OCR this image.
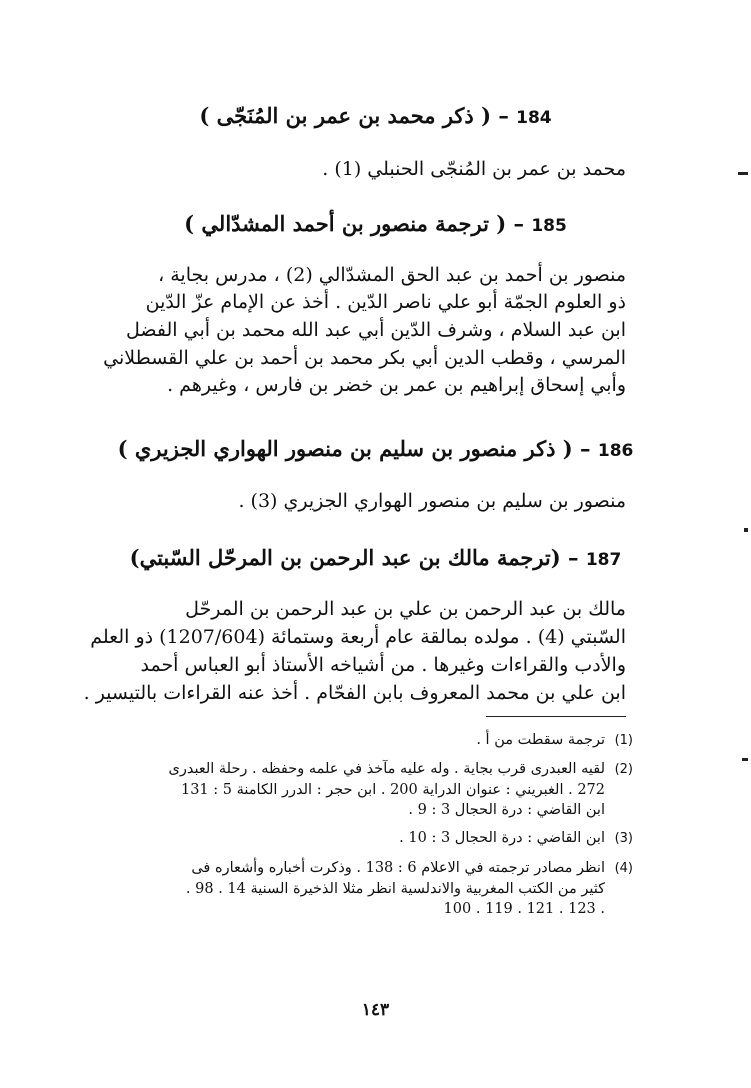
184 – ( ذكر محمد بن عمر بن المُنَجّى )
محمد بن عمر بن المُنجّى الحنبلي (1) .
185 – ( ترجمة منصور بن أحمد المشدّالي )
منصور بن أحمد بن عبد الحق المشدّالي (2) ، مدرس بجاية ،
ذو العلوم الجمّة أبو علي ناصر الدّين . أخذ عن الإمام عزّ الدّين
ابن عبد السلام ، وشرف الدّين أبي عبد الله محمد بن أبي الفضل
المرسي ، وقطب الدين أبي بكر محمد بن أحمد بن علي القسطلاني
وأبي إسحاق إبراهيم بن عمر بن خضر بن فارس ، وغيرهم .
186 – ( ذكر منصور بن سليم بن منصور الهواري الجزيري )
منصور بن سليم بن منصور الهواري الجزيري (3) .
187 – (ترجمة مالك بن عبد الرحمن بن المرحّل السّبتي)
مالك بن عبد الرحمن بن علي بن عبد الرحمن بن المرحّل
السّبتي (4) . مولده بمالقة عام أربعة وستمائة (1207/604) ذو العلم
والأدب والقراءات وغيرها . من أشياخه الأستاذ أبو العباس أحمد
ابن علي بن محمد المعروف بابن الفحّام . أخذ عنه القراءات بالتيسير .
(1)ترجمة سقطت من أ .
(2)لقيه العبدرى قرب بجاية . وله عليه مآخذ في علمه وحفظه . رحلة العبدرى
272 . الغبريني : عنوان الدراية 200 . ابن حجر : الدرر الكامنة 5 : 131
ابن القاضي : درة الحجال 3 : 9 .
(3)ابن القاضي : درة الحجال 3 : 10 .
(4)انظر مصادر ترجمته في الاعلام 6 : 138 . وذكرت أخباره وأشعاره فى
كثير من الكتب المغربية والاندلسية انظر مثلا الذخيرة السنية 14 . 98 .
. 123 . 121 . 119 . 100
١٤٣
